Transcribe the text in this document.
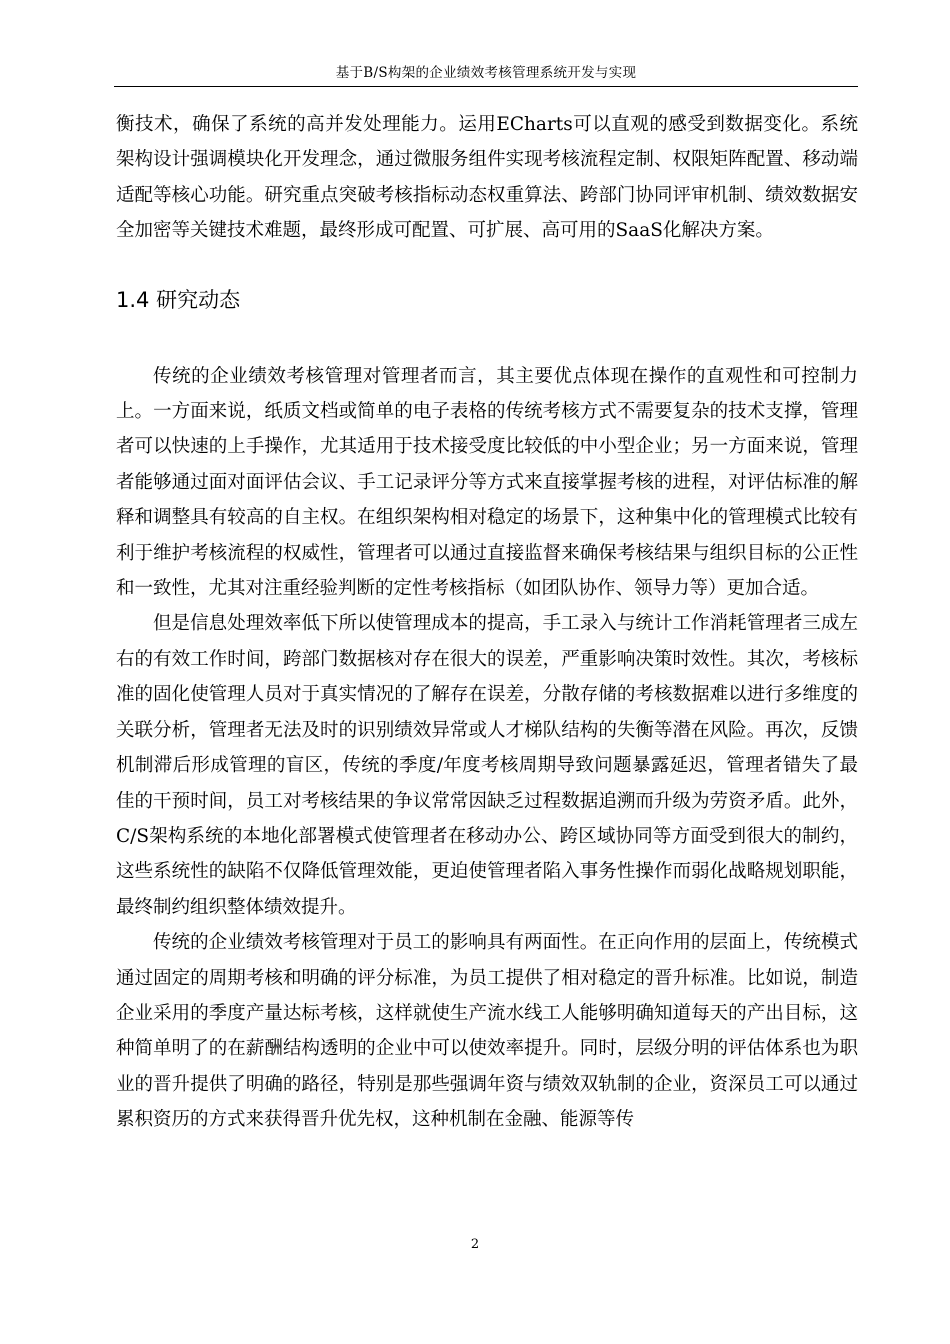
基于B/S构架的企业绩效考核管理系统开发与实现

衡技术，确保了系统的高并发处理能力。运用ECharts可以直观的感受到数据变化。系统架构设计强调模块化开发理念，通过微服务组件实现考核流程定制、权限矩阵配置、移动端适配等核心功能。研究重点突破考核指标动态权重算法、跨部门协同评审机制、绩效数据安全加密等关键技术难题，最终形成可配置、可扩展、高可用的SaaS化解决方案。

1.4 研究动态

传统的企业绩效考核管理对管理者而言，其主要优点体现在操作的直观性和可控制力上。一方面来说，纸质文档或简单的电子表格的传统考核方式不需要复杂的技术支撑，管理者可以快速的上手操作，尤其适用于技术接受度比较低的中小型企业；另一方面来说，管理者能够通过面对面评估会议、手工记录评分等方式来直接掌握考核的进程，对评估标准的解释和调整具有较高的自主权。在组织架构相对稳定的场景下，这种集中化的管理模式比较有利于维护考核流程的权威性，管理者可以通过直接监督来确保考核结果与组织目标的公正性和一致性，尤其对注重经验判断的定性考核指标（如团队协作、领导力等）更加合适。

但是信息处理效率低下所以使管理成本的提高，手工录入与统计工作消耗管理者三成左右的有效工作时间，跨部门数据核对存在很大的误差，严重影响决策时效性。其次，考核标准的固化使管理人员对于真实情况的了解存在误差，分散存储的考核数据难以进行多维度的关联分析，管理者无法及时的识别绩效异常或人才梯队结构的失衡等潜在风险。再次，反馈机制滞后形成管理的盲区，传统的季度/年度考核周期导致问题暴露延迟，管理者错失了最佳的干预时间，员工对考核结果的争议常常因缺乏过程数据追溯而升级为劳资矛盾。此外，C/S架构系统的本地化部署模式使管理者在移动办公、跨区域协同等方面受到很大的制约，这些系统性的缺陷不仅降低管理效能，更迫使管理者陷入事务性操作而弱化战略规划职能，最终制约组织整体绩效提升。

传统的企业绩效考核管理对于员工的影响具有两面性。在正向作用的层面上，传统模式通过固定的周期考核和明确的评分标准，为员工提供了相对稳定的晋升标准。比如说，制造企业采用的季度产量达标考核，这样就使生产流水线工人能够明确知道每天的产出目标，这种简单明了的在薪酬结构透明的企业中可以使效率提升。同时，层级分明的评估体系也为职业的晋升提供了明确的路径，特别是那些强调年资与绩效双轨制的企业，资深员工可以通过累积资历的方式来获得晋升优先权，这种机制在金融、能源等传

2
